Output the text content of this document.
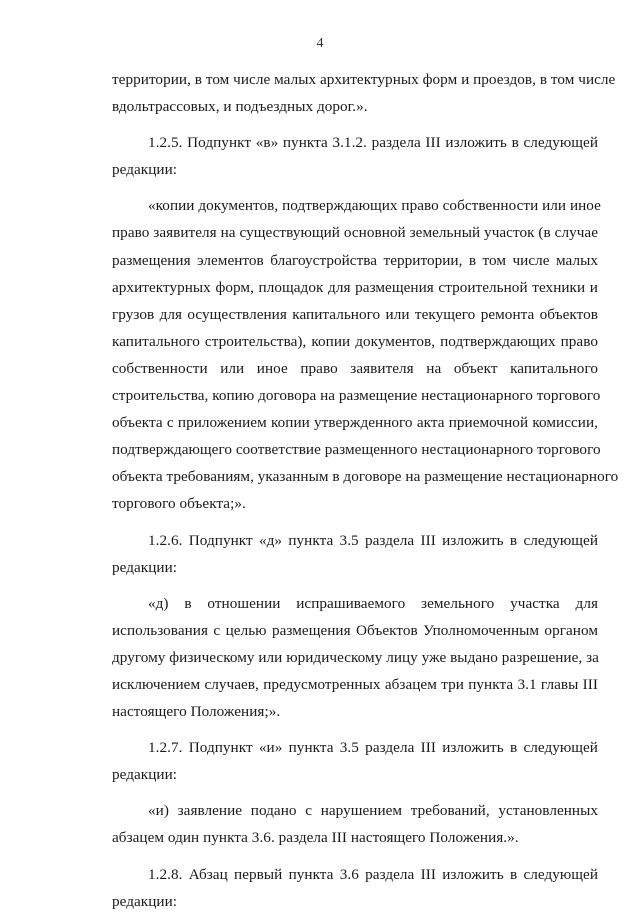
4
территории, в том числе малых архитектурных форм и проездов, в том числе
вдольтрассовых, и подъездных дорог.».
1.2.5. Подпункт «в» пункта 3.1.2. раздела III изложить в следующей
редакции:
«копии документов, подтверждающих право собственности или иное
право заявителя на существующий основной земельный участок (в случае
размещения элементов благоустройства территории, в том числе малых
архитектурных форм, площадок для размещения строительной техники и
грузов для осуществления капитального или текущего ремонта объектов
капитального строительства), копии документов, подтверждающих право
собственности или иное право заявителя на объект капитального
строительства, копию договора на размещение нестационарного торгового
объекта с приложением копии утвержденного акта приемочной комиссии,
подтверждающего соответствие размещенного нестационарного торгового
объекта требованиям, указанным в договоре на размещение нестационарного
торгового объекта;».
1.2.6. Подпункт «д» пункта 3.5 раздела III изложить в следующей
редакции:
«д) в отношении испрашиваемого земельного участка для
использования с целью размещения Объектов Уполномоченным органом
другому физическому или юридическому лицу уже выдано разрешение, за
исключением случаев, предусмотренных абзацем три пункта 3.1 главы III
настоящего Положения;».
1.2.7. Подпункт «и» пункта 3.5 раздела III изложить в следующей
редакции:
«и) заявление подано с нарушением требований, установленных
абзацем один пункта 3.6. раздела III настоящего Положения.».
1.2.8. Абзац первый пункта 3.6 раздела III изложить в следующей
редакции:
